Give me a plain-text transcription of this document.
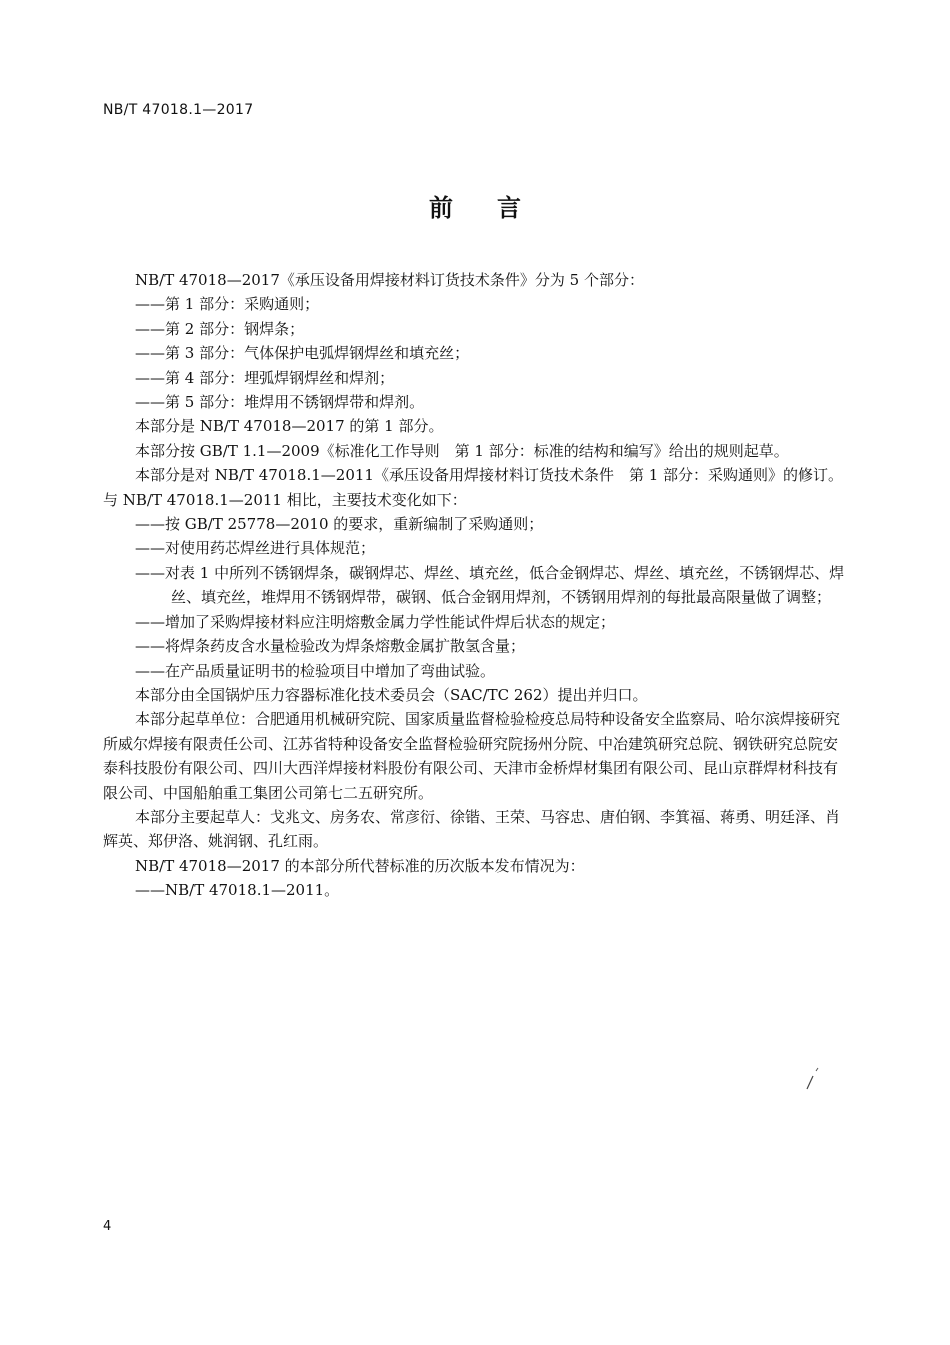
NB/T 47018.1—2017
前言

NB/T 47018—2017《承压设备用焊接材料订货技术条件》分为 5 个部分：

——第 1 部分：采购通则；

——第 2 部分：钢焊条；

——第 3 部分：气体保护电弧焊钢焊丝和填充丝；

——第 4 部分：埋弧焊钢焊丝和焊剂；

——第 5 部分：堆焊用不锈钢焊带和焊剂。

本部分是 NB/T 47018—2017 的第 1 部分。

本部分按 GB/T 1.1—2009《标准化工作导则　第 1 部分：标准的结构和编写》给出的规则起草。

本部分是对 NB/T 47018.1—2011《承压设备用焊接材料订货技术条件　第 1 部分：采购通则》的修订。与 NB/T 47018.1—2011 相比，主要技术变化如下：

——按 GB/T 25778—2010 的要求，重新编制了采购通则；

——对使用药芯焊丝进行具体规范；

——对表 1 中所列不锈钢焊条，碳钢焊芯、焊丝、填充丝，低合金钢焊芯、焊丝、填充丝，不锈钢焊芯、焊丝、填充丝，堆焊用不锈钢焊带，碳钢、低合金钢用焊剂，不锈钢用焊剂的每批最高限量做了调整；

——增加了采购焊接材料应注明熔敷金属力学性能试件焊后状态的规定；

——将焊条药皮含水量检验改为焊条熔敷金属扩散氢含量；

——在产品质量证明书的检验项目中增加了弯曲试验。

本部分由全国锅炉压力容器标准化技术委员会（SAC/TC 262）提出并归口。

本部分起草单位：合肥通用机械研究院、国家质量监督检验检疫总局特种设备安全监察局、哈尔滨焊接研究所威尔焊接有限责任公司、江苏省特种设备安全监督检验研究院扬州分院、中冶建筑研究总院、钢铁研究总院安泰科技股份有限公司、四川大西洋焊接材料股份有限公司、天津市金桥焊材集团有限公司、昆山京群焊材科技有限公司、中国船舶重工集团公司第七二五研究所。

本部分主要起草人：戈兆文、房务农、常彦衍、徐锴、王荣、马容忠、唐伯钢、李箕福、蒋勇、明廷泽、肖辉英、郑伊洛、姚润钢、孔红雨。

NB/T 47018—2017 的本部分所代替标准的历次版本发布情况为：

——NB/T 47018.1—2011。

4
